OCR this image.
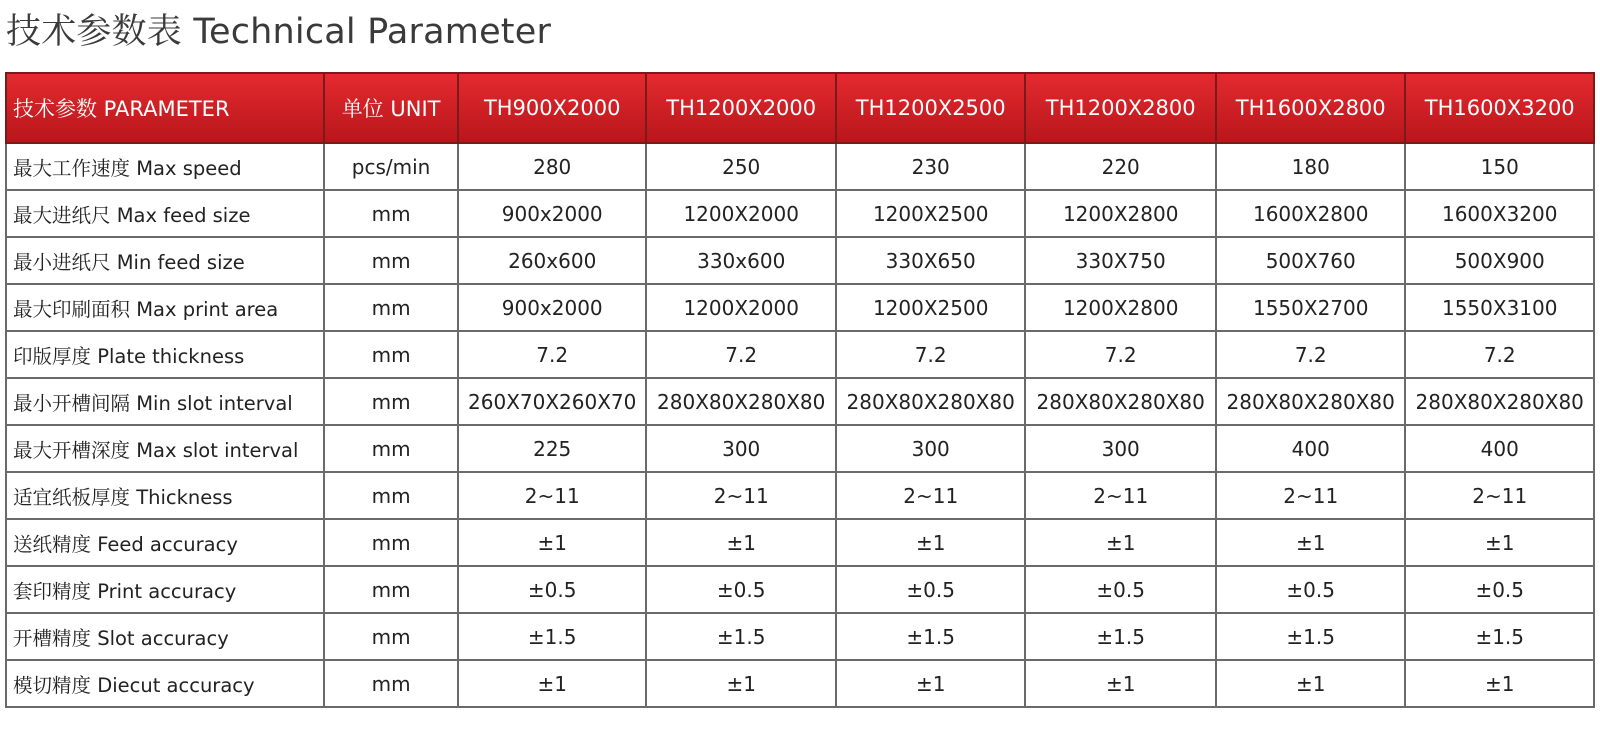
技术参数表 Technical Parameter
技术参数 PARAMETER	单位 UNIT	TH900X2000	TH1200X2000	TH1200X2500	TH1200X2800	TH1600X2800	TH1600X3200
最大工作速度 Max speed	pcs/min	280	250	230	220	180	150
最大进纸尺 Max feed size	mm	900x2000	1200X2000	1200X2500	1200X2800	1600X2800	1600X3200
最小进纸尺 Min feed size	mm	260x600	330x600	330X650	330X750	500X760	500X900
最大印刷面积 Max print area	mm	900x2000	1200X2000	1200X2500	1200X2800	1550X2700	1550X3100
印版厚度 Plate thickness	mm	7.2	7.2	7.2	7.2	7.2	7.2
最小开槽间隔 Min slot interval	mm	260X70X260X70	280X80X280X80	280X80X280X80	280X80X280X80	280X80X280X80	280X80X280X80
最大开槽深度 Max slot interval	mm	225	300	300	300	400	400
适宜纸板厚度 Thickness	mm	2~11	2~11	2~11	2~11	2~11	2~11
送纸精度 Feed accuracy	mm	±1	±1	±1	±1	±1	±1
套印精度 Print accuracy	mm	±0.5	±0.5	±0.5	±0.5	±0.5	±0.5
开槽精度 Slot accuracy	mm	±1.5	±1.5	±1.5	±1.5	±1.5	±1.5
模切精度 Diecut accuracy	mm	±1	±1	±1	±1	±1	±1
